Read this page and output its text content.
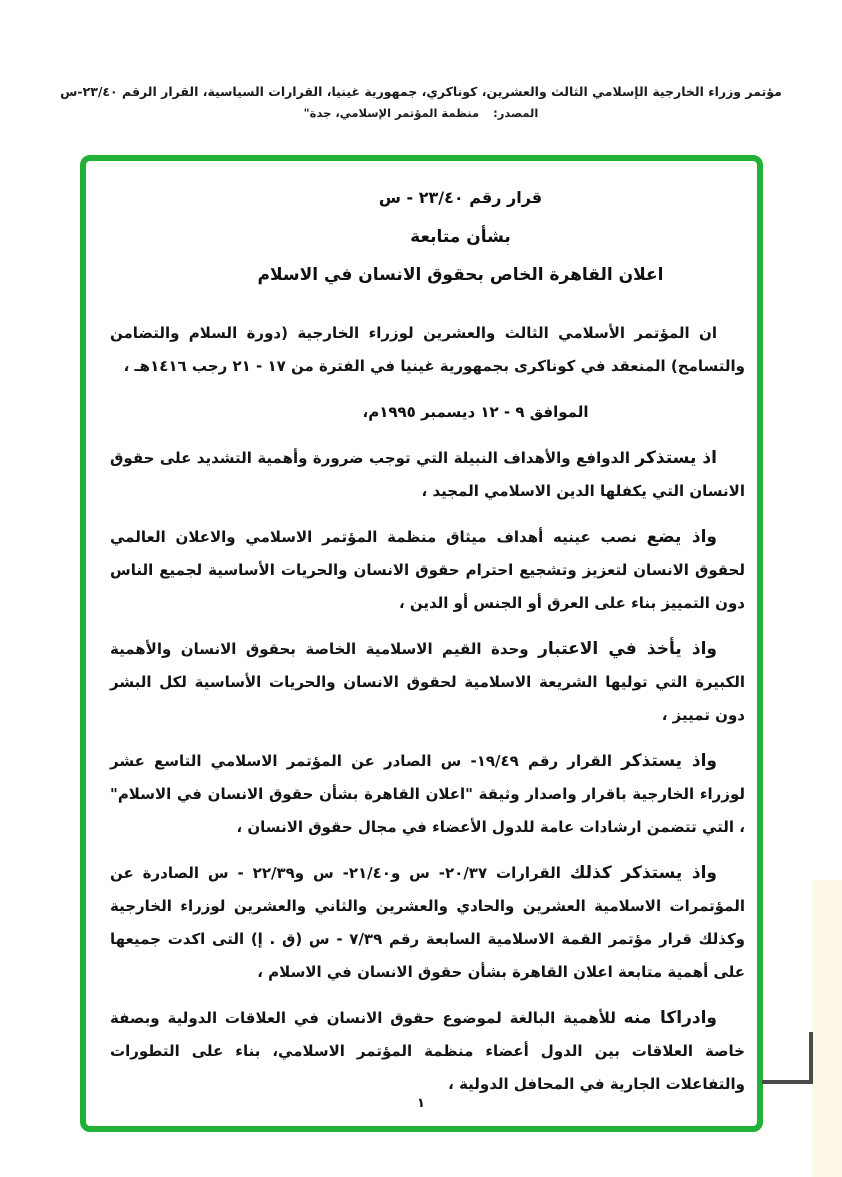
مؤتمر وزراء الخارجية الإسلامي الثالث والعشرين، كوناكري، جمهورية غينيا، القرارات السياسية، القرار الرقم ٢٣/٤٠-س
المصدر: منظمة المؤتمر الإسلامي، جدة"
قرار رقم ٢٣/٤٠ - س
بشأن متابعة
اعلان القاهرة الخاص بحقوق الانسان في الاسلام

ان المؤتمر الأسلامي الثالث والعشرين لوزراء الخارجية (دورة السلام والتضامن والتسامح) المنعقد في كوناكرى بجمهورية غينيا في الفترة من ١٧ - ٢١ رجب ١٤١٦هـ ،

الموافق ٩ - ١٢ ديسمبر ١٩٩٥م،

اذ يستذكر الدوافع والأهداف النبيلة التي توجب ضرورة وأهمية التشديد على حقوق الانسان التي يكفلها الدين الاسلامي المجيد ،

واذ يضع نصب عينيه أهداف ميثاق منظمة المؤتمر الاسلامي والاعلان العالمي لحقوق الانسان لتعزيز وتشجيع احترام حقوق الانسان والحريات الأساسية لجميع الناس دون التمييز بناء على العرق أو الجنس أو الدين ،

واذ يأخذ في الاعتبار وحدة القيم الاسلامية الخاصة بحقوق الانسان والأهمية الكبيرة التي توليها الشريعة الاسلامية لحقوق الانسان والحريات الأساسية لكل البشر دون تمييز ،

واذ يستذكر القرار رقم ١٩/٤٩- س الصادر عن المؤتمر الاسلامي التاسع عشر لوزراء الخارجية باقرار واصدار وثيقة "اعلان القاهرة بشأن حقوق الانسان في الاسلام" ، التي تتضمن ارشادات عامة للدول الأعضاء في مجال حقوق الانسان ،

واذ يستذكر كذلك القرارات ٢٠/٣٧- س و٢١/٤٠- س و٢٢/٣٩ - س الصادرة عن المؤتمرات الاسلامية العشرين والحادي والعشرين والثاني والعشرين لوزراء الخارجية وكذلك قرار مؤتمر القمة الاسلامية السابعة رقم ٧/٣٩ - س (ق . إ) التى اكدت جميعها على أهمية متابعة اعلان القاهرة بشأن حقوق الانسان في الاسلام ،

وادراكا منه للأهمية البالغة لموضوع حقوق الانسان في العلاقات الدولية وبصفة خاصة العلاقات بين الدول أعضاء منظمة المؤتمر الاسلامي، بناء على التطورات والتفاعلات الجارية في المحافل الدولية ،

١
